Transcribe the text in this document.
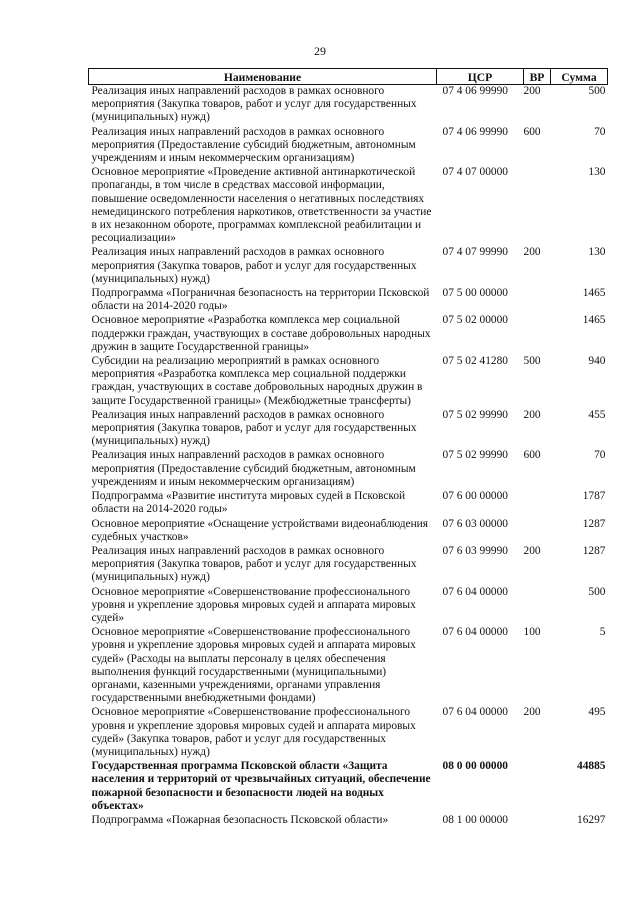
29
Наименование	ЦСР	ВР	Сумма
Реализация иных направлений расходов в рамках основного мероприятия (Закупка товаров, работ и услуг для государственных (муниципальных) нужд)	07 4 06 99990	200	500
Реализация иных направлений расходов в рамках основного мероприятия (Предоставление субсидий бюджетным, автономным учреждениям и иным некоммерческим организациям)	07 4 06 99990	600	70
Основное мероприятие «Проведение активной антинаркотической пропаганды, в том числе в средствах массовой информации, повышение осведомленности населения о негативных последствиях немедицинского потребления наркотиков, ответственности за участие в их незаконном обороте, программах комплексной реабилитации и ресоциализации»	07 4 07 00000		130
Реализация иных направлений расходов в рамках основного мероприятия (Закупка товаров, работ и услуг для государственных (муниципальных) нужд)	07 4 07 99990	200	130
Подпрограмма «Пограничная безопасность на территории Псковской области на 2014-2020 годы»	07 5 00 00000		1465
Основное мероприятие «Разработка комплекса мер социальной поддержки граждан, участвующих в составе добровольных народных дружин в защите Государственной границы»	07 5 02 00000		1465
Субсидии на реализацию мероприятий в рамках основного мероприятия «Разработка комплекса мер социальной поддержки граждан, участвующих в составе добровольных народных дружин в защите Государственной границы» (Межбюджетные трансферты)	07 5 02 41280	500	940
Реализация иных направлений расходов в рамках основного мероприятия (Закупка товаров, работ и услуг для государственных (муниципальных) нужд)	07 5 02 99990	200	455
Реализация иных направлений расходов в рамках основного мероприятия (Предоставление субсидий бюджетным, автономным учреждениям и иным некоммерческим организациям)	07 5 02 99990	600	70
Подпрограмма «Развитие института мировых судей в Псковской области на 2014-2020 годы»	07 6 00 00000		1787
Основное мероприятие «Оснащение устройствами видеонаблюдения судебных участков»	07 6 03 00000		1287
Реализация иных направлений расходов в рамках основного мероприятия (Закупка товаров, работ и услуг для государственных (муниципальных) нужд)	07 6 03 99990	200	1287
Основное мероприятие «Совершенствование профессионального уровня и укрепление здоровья мировых судей и аппарата мировых судей»	07 6 04 00000		500
Основное мероприятие «Совершенствование профессионального уровня и укрепление здоровья мировых судей и аппарата мировых судей» (Расходы на выплаты персоналу в целях обеспечения выполнения функций государственными (муниципальными) органами, казенными учреждениями, органами управления государственными внебюджетными фондами)	07 6 04 00000	100	5
Основное мероприятие «Совершенствование профессионального уровня и укрепление здоровья мировых судей и аппарата мировых судей» (Закупка товаров, работ и услуг для государственных (муниципальных) нужд)	07 6 04 00000	200	495
Государственная программа Псковской области «Защита населения и территорий от чрезвычайных ситуаций, обеспечение пожарной безопасности и безопасности людей на водных объектах»	08 0 00 00000		44885
Подпрограмма «Пожарная безопасность Псковской области»	08 1 00 00000		16297
